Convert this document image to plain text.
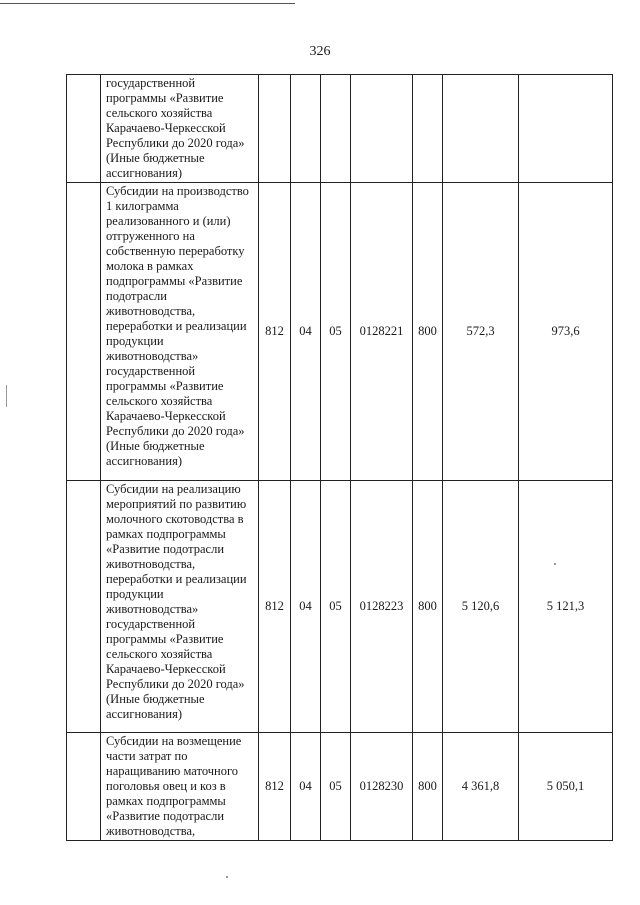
326
	государственной программы «Развитие сельского хозяйства Карачаево-Черкесской Республики до 2020 года» (Иные бюджетные ассигнования)							
	Субсидии на производство 1 килограмма реализованного и (или) отгруженного на собственную переработку молока в рамках подпрограммы «Развитие подотрасли животноводства, переработки и реализации продукции животноводства» государственной программы «Развитие сельского хозяйства Карачаево-Черкесской Республики до 2020 года» (Иные бюджетные ассигнования)	812	04	05	0128221	800	572,3	973,6
	Субсидии на реализацию мероприятий по развитию молочного скотоводства в рамках подпрограммы «Развитие подотрасли животноводства, переработки и реализации продукции животноводства» государственной программы «Развитие сельского хозяйства Карачаево-Черкесской Республики до 2020 года» (Иные бюджетные ассигнования)	812	04	05	0128223	800	5 120,6	5 121,3
	Субсидии на возмещение части затрат по наращиванию маточного поголовья овец и коз в рамках подпрограммы «Развитие подотрасли животноводства,	812	04	05	0128230	800	4 361,8	5 050,1
